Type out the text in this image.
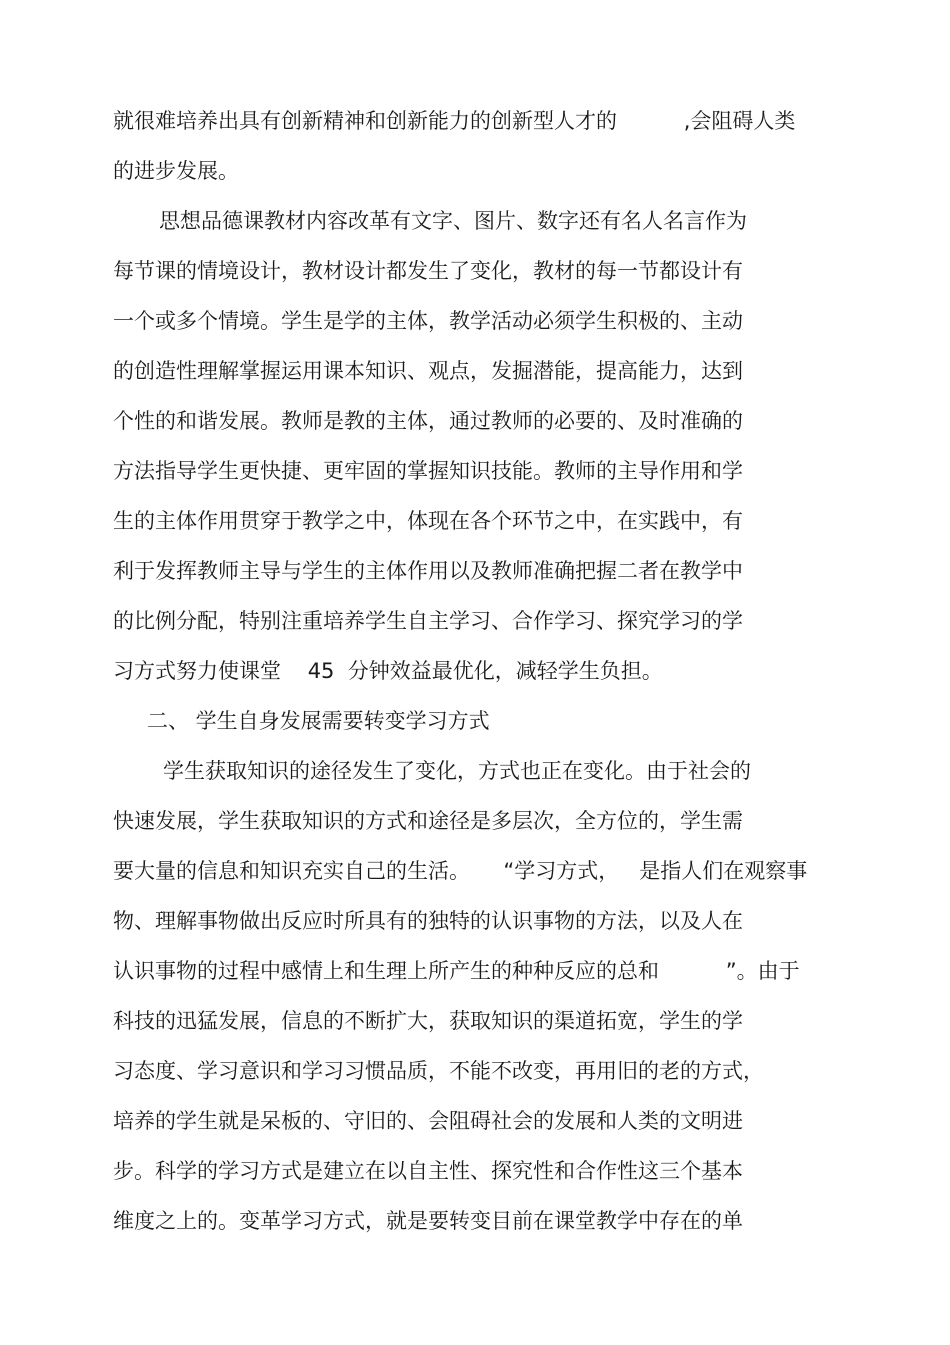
就很难培养出具有创新精神和创新能力的创新型人才的          ,会阻碍人类

的进步发展。

思想品德课教材内容改革有文字、图片、数字还有名人名言作为

每节课的情境设计，教材设计都发生了变化，教材的每一节都设计有

一个或多个情境。学生是学的主体，教学活动必须学生积极的、主动

的创造性理解掌握运用课本知识、观点，发掘潜能，提高能力，达到

个性的和谐发展。教师是教的主体，通过教师的必要的、及时准确的

方法指导学生更快捷、更牢固的掌握知识技能。教师的主导作用和学

生的主体作用贯穿于教学之中，体现在各个环节之中，在实践中，有

利于发挥教师主导与学生的主体作用以及教师准确把握二者在教学中

的比例分配，特别注重培养学生自主学习、合作学习、探究学习的学

习方式努力使课堂    45  分钟效益最优化，减轻学生负担。

二、 学生自身发展需要转变学习方式

学生获取知识的途径发生了变化，方式也正在变化。由于社会的

快速发展，学生获取知识的方式和途径是多层次，全方位的，学生需

要大量的信息和知识充实自己的生活。     “学习方式，   是指人们在观察事

物、理解事物做出反应时所具有的独特的认识事物的方法，以及人在

认识事物的过程中感情上和生理上所产生的种种反应的总和          ”。由于

科技的迅猛发展，信息的不断扩大，获取知识的渠道拓宽，学生的学

习态度、学习意识和学习习惯品质，不能不改变，再用旧的老的方式，

培养的学生就是呆板的、守旧的、会阻碍社会的发展和人类的文明进

步。科学的学习方式是建立在以自主性、探究性和合作性这三个基本

维度之上的。变革学习方式，就是要转变目前在课堂教学中存在的单
